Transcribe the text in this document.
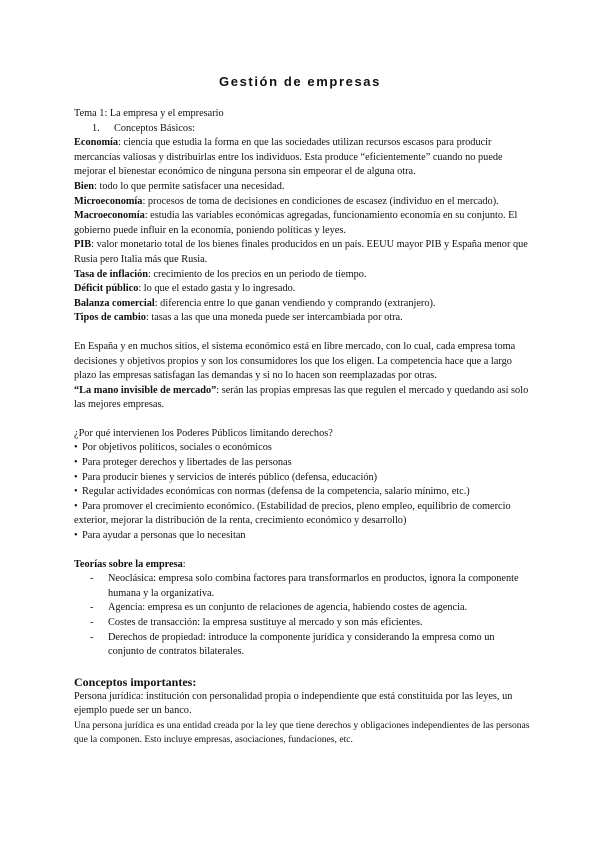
Gestión de empresas

Tema 1: La empresa y el empresario

1. Conceptos Básicos:

Economía: ciencia que estudia la forma en que las sociedades utilizan recursos escasos para producir mercancías valiosas y distribuirlas entre los individuos. Esta produce “eficientemente” cuando no puede mejorar el bienestar económico de ninguna persona sin empeorar el de alguna otra.

Bien: todo lo que permite satisfacer una necesidad.

Microeconomía: procesos de toma de decisiones en condiciones de escasez (individuo en el mercado).

Macroeconomía: estudia las variables económicas agregadas, funcionamiento economía en su conjunto. El gobierno puede influir en la economía, poniendo políticas y leyes.

PIB: valor monetario total de los bienes finales producidos en un país. EEUU mayor PIB y España menor que Rusia pero Italia más que Rusia.

Tasa de inflación: crecimiento de los precios en un periodo de tiempo.

Déficit público: lo que el estado gasta y lo ingresado.

Balanza comercial: diferencia entre lo que ganan vendiendo y comprando (extranjero).

Tipos de cambio: tasas a las que una moneda puede ser intercambiada por otra.

En España y en muchos sitios, el sistema económico está en libre mercado, con lo cual, cada empresa toma decisiones y objetivos propios y son los consumidores los que los eligen. La competencia hace que a largo plazo las empresas satisfagan las demandas y si no lo hacen son reemplazadas por otras.

“La mano invisible de mercado”: serán las propias empresas las que regulen el mercado y quedando así solo las mejores empresas.

¿Por qué intervienen los Poderes Públicos limitando derechos?

• Por objetivos políticos, sociales o económicos

• Para proteger derechos y libertades de las personas

• Para producir bienes y servicios de interés público (defensa, educación)

• Regular actividades económicas con normas (defensa de la competencia, salario mínimo, etc.)

• Para promover el crecimiento económico. (Estabilidad de precios, pleno empleo, equilibrio de comercio exterior, mejorar la distribución de la renta, crecimiento económico y desarrollo)

• Para ayudar a personas que lo necesitan

Teorías sobre la empresa:

- Neoclásica: empresa solo combina factores para transformarlos en productos, ignora la componente humana y la organizativa.
- Agencia: empresa es un conjunto de relaciones de agencia, habiendo costes de agencia.
- Costes de transacción: la empresa sustituye al mercado y son más eficientes.
- Derechos de propiedad: introduce la componente jurídica y considerando la empresa como un conjunto de contratos bilaterales.

Conceptos importantes:

Persona jurídica: institución con personalidad propia o independiente que está constituida por las leyes, un ejemplo puede ser un banco.

Una persona jurídica es una entidad creada por la ley que tiene derechos y obligaciones independientes de las personas que la componen. Esto incluye empresas, asociaciones, fundaciones, etc.
